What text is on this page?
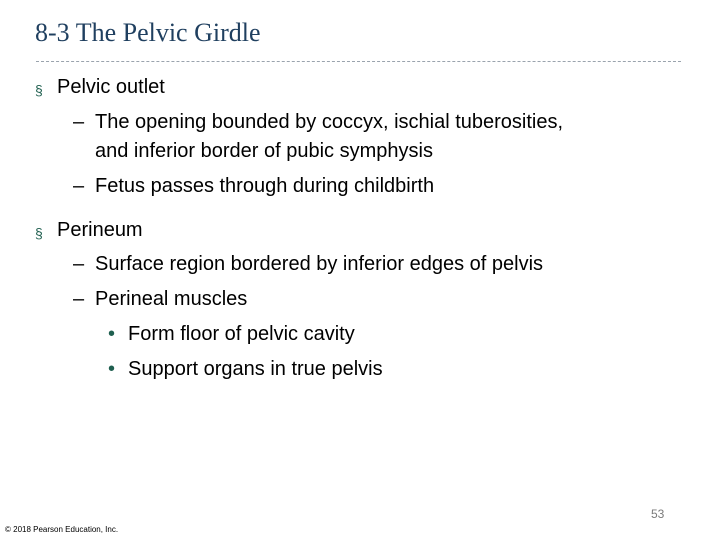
8-3 The Pelvic Girdle
§ Pelvic outlet
– The opening bounded by coccyx, ischial tuberosities,
and inferior border of pubic symphysis
– Fetus passes through during childbirth
§ Perineum
– Surface region bordered by inferior edges of pelvis
– Perineal muscles
• Form floor of pelvic cavity
• Support organs in true pelvis
53
© 2018 Pearson Education, Inc.
